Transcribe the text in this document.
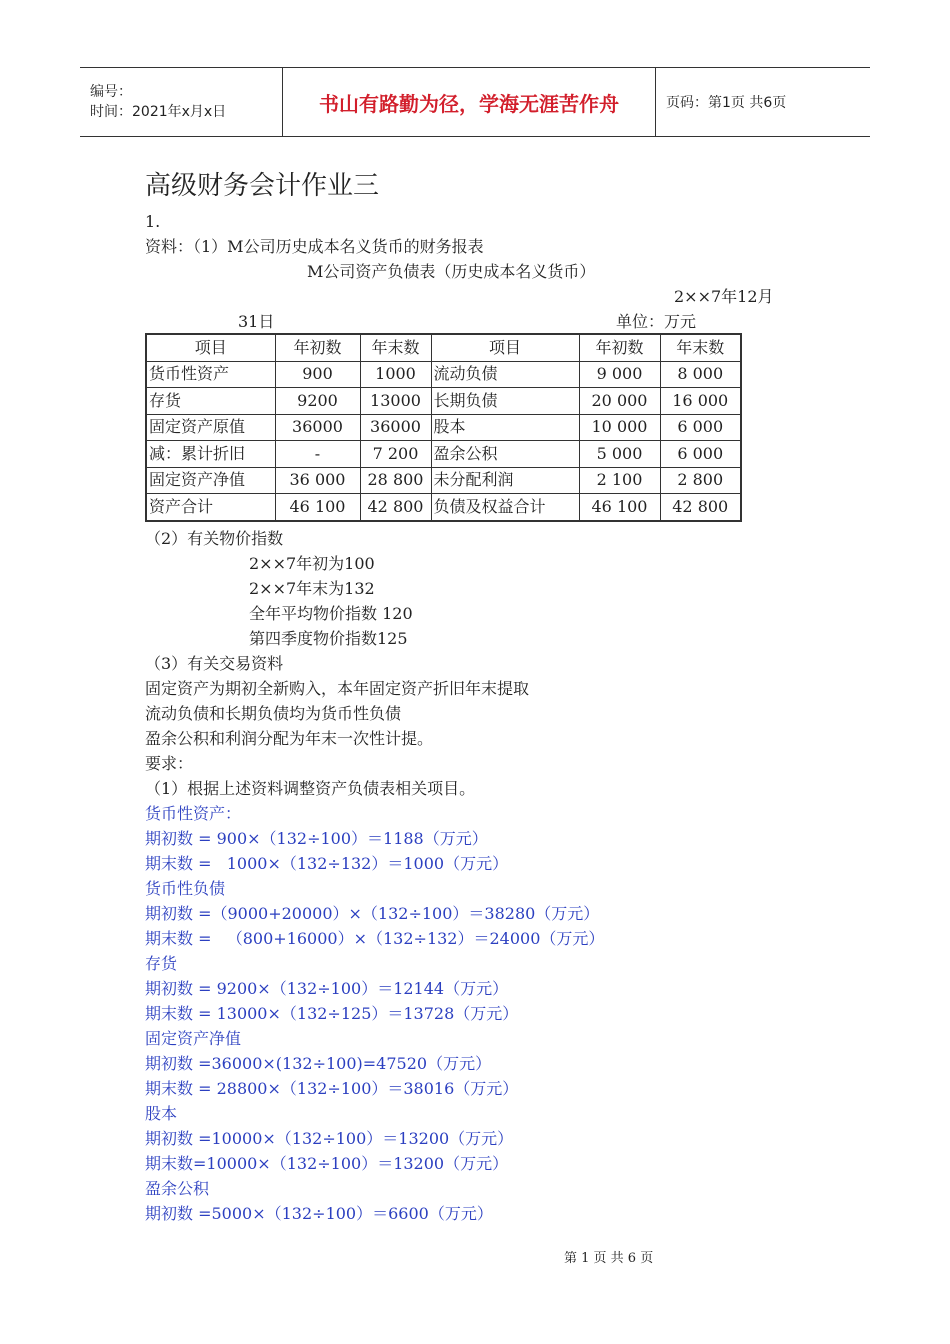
编号：
时间：2021年x月x日	书山有路勤为径，学海无涯苦作舟	页码：第1页 共6页
高级财务会计作业三
1.
资料：（1）M公司历史成本名义货币的财务报表
M公司资产负债表（历史成本名义货币）
2××7年12月
31日	单位：万元
项目	年初数	年末数	项目	年初数	年末数
货币性资产	900	1000	流动负债	9 000	8 000
存货	9200	13000	长期负债	20 000	16 000
固定资产原值	36000	36000	股本	10 000	6 000
减：累计折旧	-	7 200	盈余公积	5 000	6 000
固定资产净值	36 000	28 800	未分配利润	2 100	2 800
资产合计	46 100	42 800	负债及权益合计	46 100	42 800
（2）有关物价指数
2××7年初为100
2××7年末为132
全年平均物价指数 120
第四季度物价指数125
（3）有关交易资料
固定资产为期初全新购入，本年固定资产折旧年末提取
流动负债和长期负债均为货币性负债
盈余公积和利润分配为年末一次性计提。
要求：
（1）根据上述资料调整资产负债表相关项目。
货币性资产：
期初数 = 900×（132÷100）＝1188（万元）
期末数 =   1000×（132÷132）＝1000（万元）
货币性负债
期初数 =（9000+20000）×（132÷100）＝38280（万元）
期末数 =   （800+16000）×（132÷132）＝24000（万元）
存货
期初数 = 9200×（132÷100）＝12144（万元）
期末数 = 13000×（132÷125）＝13728（万元）
固定资产净值
期初数 =36000×(132÷100)=47520（万元）
期末数 = 28800×（132÷100）＝38016（万元）
股本
期初数 =10000×（132÷100）＝13200（万元）
期末数=10000×（132÷100）＝13200（万元）
盈余公积
期初数 =5000×（132÷100）＝6600（万元）
第 1 页 共 6 页
